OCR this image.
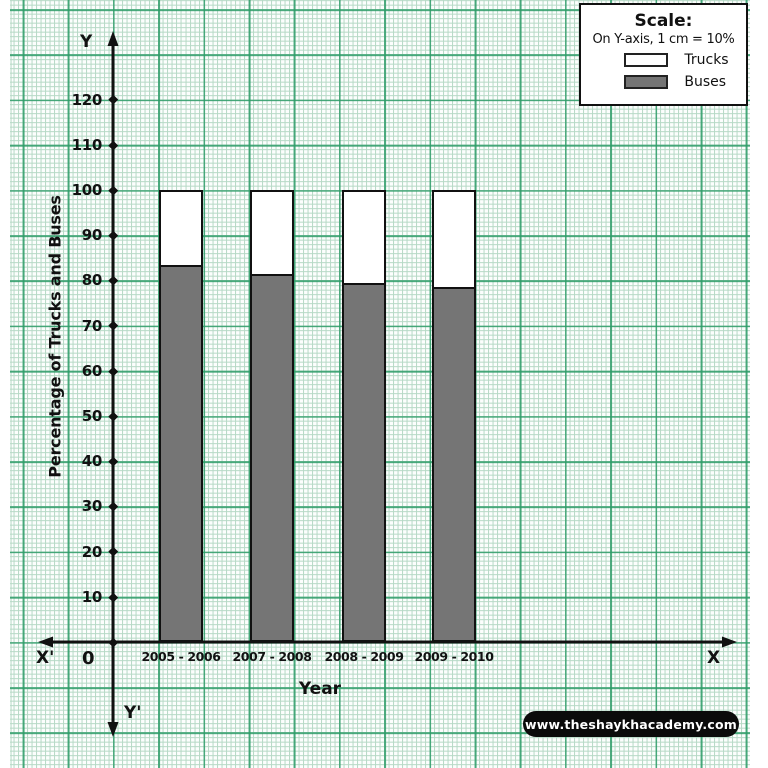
10
20
30
40
50
60
70
80
90
100
110
120
2005 - 2006 2007 - 2008	2008 - 2009 2009 - 2010
Y
Y'
X'	X
0
Year
Percentage of Trucks and Buses
Scale:
On Y-axis, 1 cm = 10%
Trucks
Buses
www.theshaykhacademy.com
